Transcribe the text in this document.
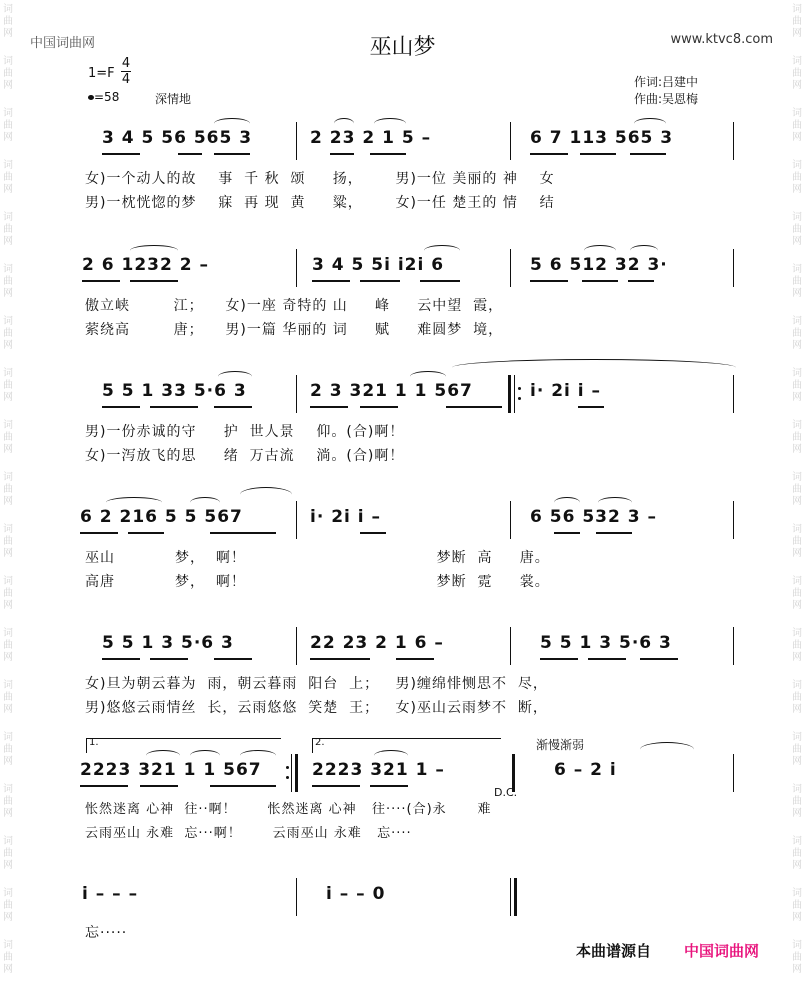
词
曲
网
词
曲
网
词
曲
网
词
曲
网
词
曲
网
词
曲
网
词
曲
网
词
曲
网
词
曲
网
词
曲
网
词
曲
网
词
曲
网
词
曲
网
词
曲
网
词
曲
网
词
曲
网
词
曲
网
词
曲
网
词
曲
网
词
曲
网
词
曲
网
词
曲
网
词
曲
网
词
曲
网
词
曲
网
词
曲
网
词
曲
网
词
曲
网
词
曲
网
词
曲
网
词
曲
网
词
曲
网
词
曲
网
词
曲
网
词
曲
网
词
曲
网
词
曲
网
词
曲
网
中国词曲网	www.ktvc8.com
巫山梦
1=F
4
4
=58	深情地
作词:吕建中
作曲:吴恩梅
3 4 5 56 565 3	2 23 2 1 5 –	6 7 113 565 3
女)一个动人的故    事  千 秋  颂     扬，      男)一位 美丽的 神    女
男)一枕恍惚的梦    寐  再 现  黄     粱，      女)一任 楚王的 情    结
2 6 1232 2 –	3 4 5 5i i2i 6	5 6 512 32 3·
傲立峡        江；    女)一座 奇特的 山     峰     云中望  霞，
萦绕高        唐；    男)一篇 华丽的 词     赋     难圆梦  境，
5 5 1 33 5·6 3	2 3 321 1 1 567	i· 2i i –
男)一份赤诚的守     护  世人景    仰。(合)啊！
女)一泻放飞的思     绪  万古流    淌。(合)啊！
6 2 216 5 5 567	i· 2i i –	6 56 532 3 –
巫山           梦，  啊！                                   梦断  高     唐。
高唐           梦，  啊！                                   梦断  霓     裳。
5 5 1 3 5·6 3	22 23 2 1 6 –	5 5 1 3 5·6 3
女)旦为朝云暮为  雨，朝云暮雨  阳台  上；   男)缠绵悱恻思不  尽，
男)悠悠云雨情丝  长，云雨悠悠  笑楚  王；   女)巫山云雨梦不  断，
1.	2.	渐慢渐弱
2223 321 1 1 567	2223 321 1 –
D.C.
6 – 2 i
怅然迷离 心神  往··啊！      怅然迷离 心神   往····(合)永      难
云雨巫山 永难  忘···啊！      云雨巫山 永难   忘····
i – – –	i – – 0
忘·····
本曲谱源自 中国词曲网
